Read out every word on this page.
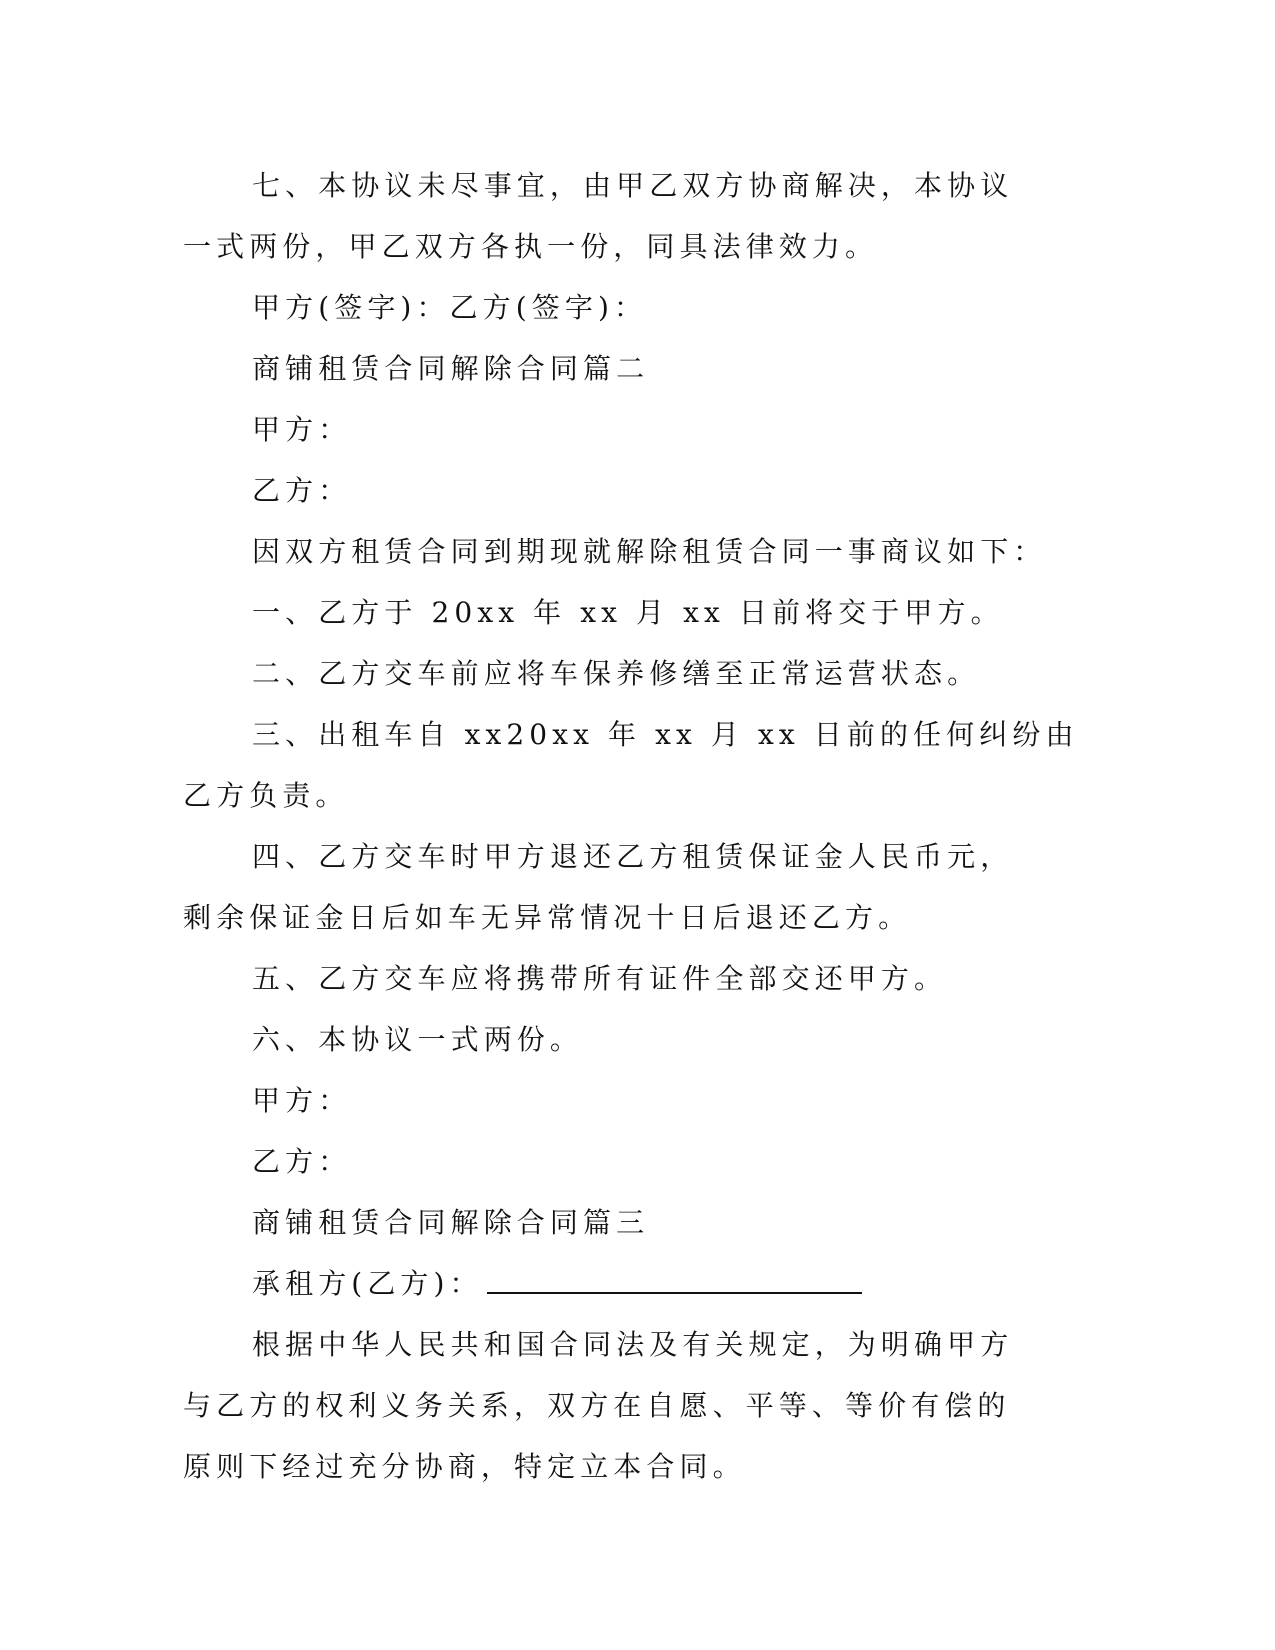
七、本协议未尽事宜，由甲乙双方协商解决，本协议一式两份，甲乙双方各执一份，同具法律效力。

甲方(签字)：乙方(签字)：

商铺租赁合同解除合同篇二

甲方：

乙方：

因双方租赁合同到期现就解除租赁合同一事商议如下：

一、乙方于 20xx 年 xx 月 xx 日前将交于甲方。

二、乙方交车前应将车保养修缮至正常运营状态。

三、出租车自 xx20xx 年 xx 月 xx 日前的任何纠纷由乙方负责。

四、乙方交车时甲方退还乙方租赁保证金人民币元，剩余保证金日后如车无异常情况十日后退还乙方。

五、乙方交车应将携带所有证件全部交还甲方。

六、本协议一式两份。

甲方：

乙方：

商铺租赁合同解除合同篇三

承租方(乙方)：

根据中华人民共和国合同法及有关规定，为明确甲方与乙方的权利义务关系，双方在自愿、平等、等价有偿的原则下经过充分协商，特定立本合同。
